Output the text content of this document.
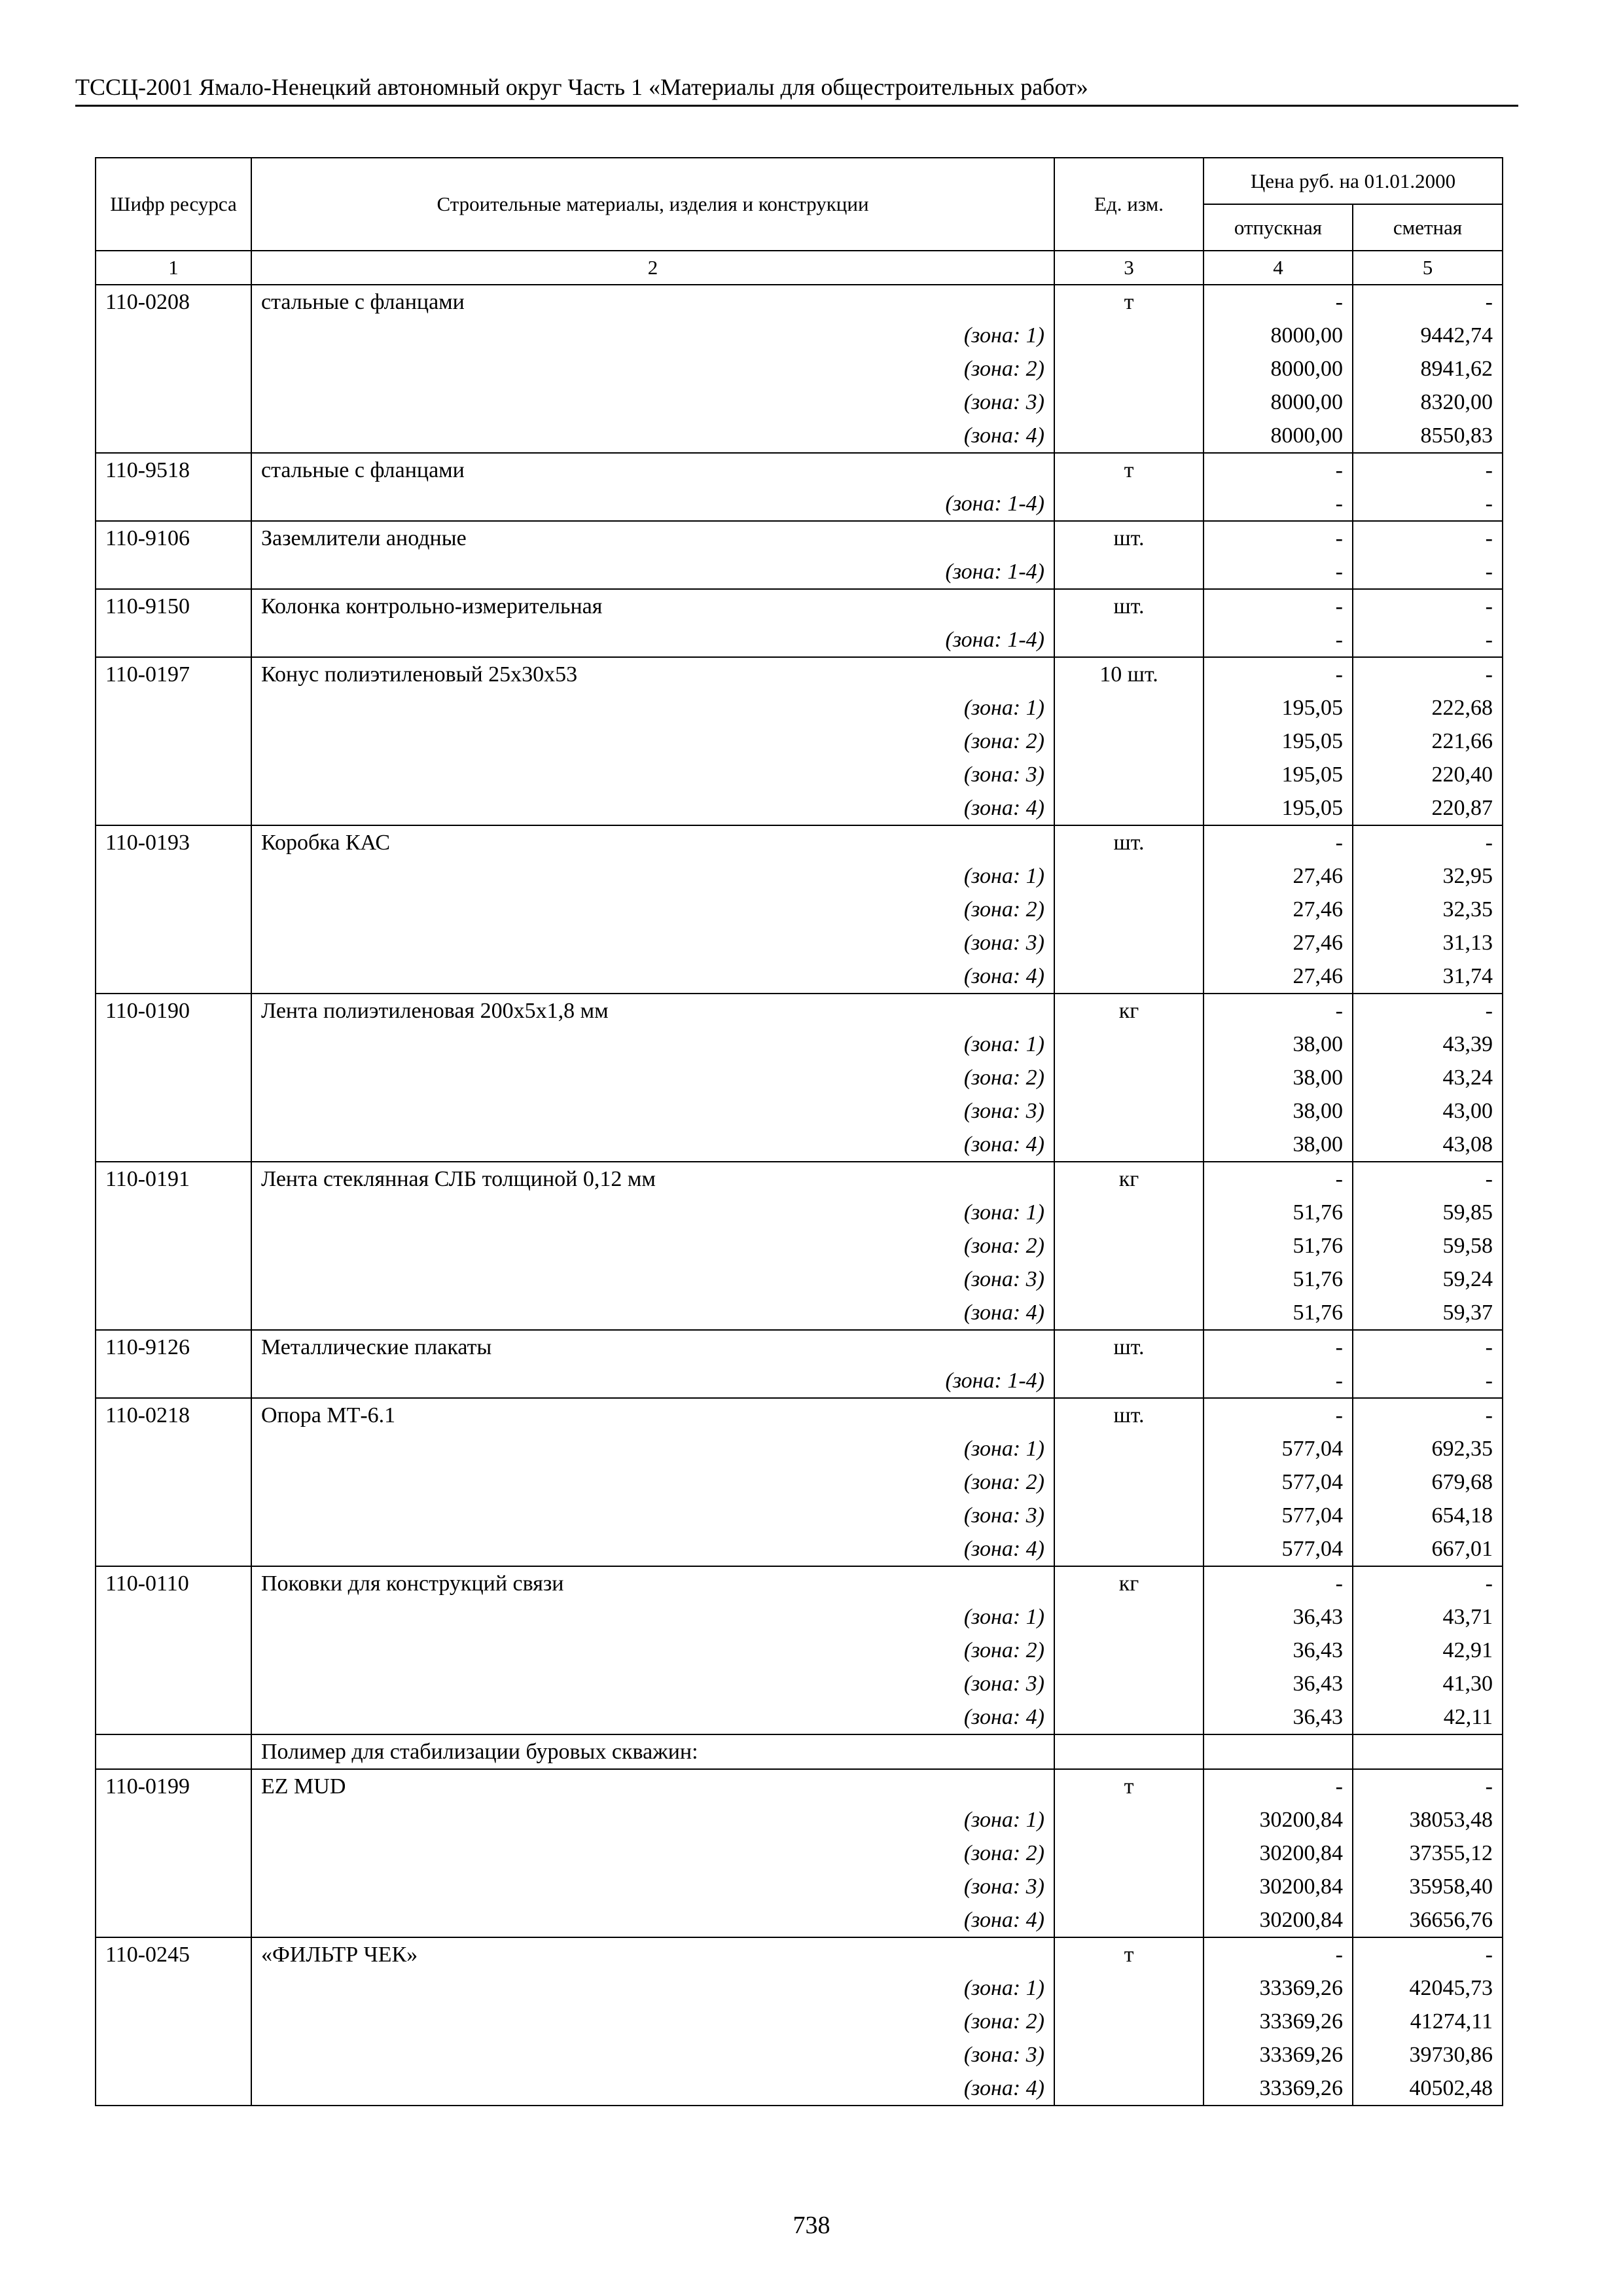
ТССЦ-2001 Ямало-Ненецкий автономный округ Часть 1 «Материалы для общестроительных работ»
Шифр ресурса	Строительные материалы, изделия и конструкции	Ед. изм.	Цена руб. на 01.01.2000	
			отпускная	сметная
1	2	3	4	5
110-0208	стальные с фланцами	т	-	-
	(зона: 1)		8000,00	9442,74
	(зона: 2)		8000,00	8941,62
	(зона: 3)		8000,00	8320,00
	(зона: 4)		8000,00	8550,83
110-9518	стальные с фланцами	т	-	-
	(зона: 1-4)		-	-
110-9106	Заземлители анодные	шт.	-	-
	(зона: 1-4)		-	-
110-9150	Колонка контрольно-измерительная	шт.	-	-
	(зона: 1-4)		-	-
110-0197	Конус полиэтиленовый 25x30x53	10 шт.	-	-
	(зона: 1)		195,05	222,68
	(зона: 2)		195,05	221,66
	(зона: 3)		195,05	220,40
	(зона: 4)		195,05	220,87
110-0193	Коробка КАС	шт.	-	-
	(зона: 1)		27,46	32,95
	(зона: 2)		27,46	32,35
	(зона: 3)		27,46	31,13
	(зона: 4)		27,46	31,74
110-0190	Лента полиэтиленовая 200x5x1,8 мм	кг	-	-
	(зона: 1)		38,00	43,39
	(зона: 2)		38,00	43,24
	(зона: 3)		38,00	43,00
	(зона: 4)		38,00	43,08
110-0191	Лента стеклянная СЛБ толщиной 0,12 мм	кг	-	-
	(зона: 1)		51,76	59,85
	(зона: 2)		51,76	59,58
	(зона: 3)		51,76	59,24
	(зона: 4)		51,76	59,37
110-9126	Металлические плакаты	шт.	-	-
	(зона: 1-4)		-	-
110-0218	Опора МТ-6.1	шт.	-	-
	(зона: 1)		577,04	692,35
	(зона: 2)		577,04	679,68
	(зона: 3)		577,04	654,18
	(зона: 4)		577,04	667,01
110-0110	Поковки для конструкций связи	кг	-	-
	(зона: 1)		36,43	43,71
	(зона: 2)		36,43	42,91
	(зона: 3)		36,43	41,30
	(зона: 4)		36,43	42,11
	Полимер для стабилизации буровых скважин:			
110-0199	EZ MUD	т	-	-
	(зона: 1)		30200,84	38053,48
	(зона: 2)		30200,84	37355,12
	(зона: 3)		30200,84	35958,40
	(зона: 4)		30200,84	36656,76
110-0245	«ФИЛЬТР ЧЕК»	т	-	-
	(зона: 1)		33369,26	42045,73
	(зона: 2)		33369,26	41274,11
	(зона: 3)		33369,26	39730,86
	(зона: 4)		33369,26	40502,48
738
